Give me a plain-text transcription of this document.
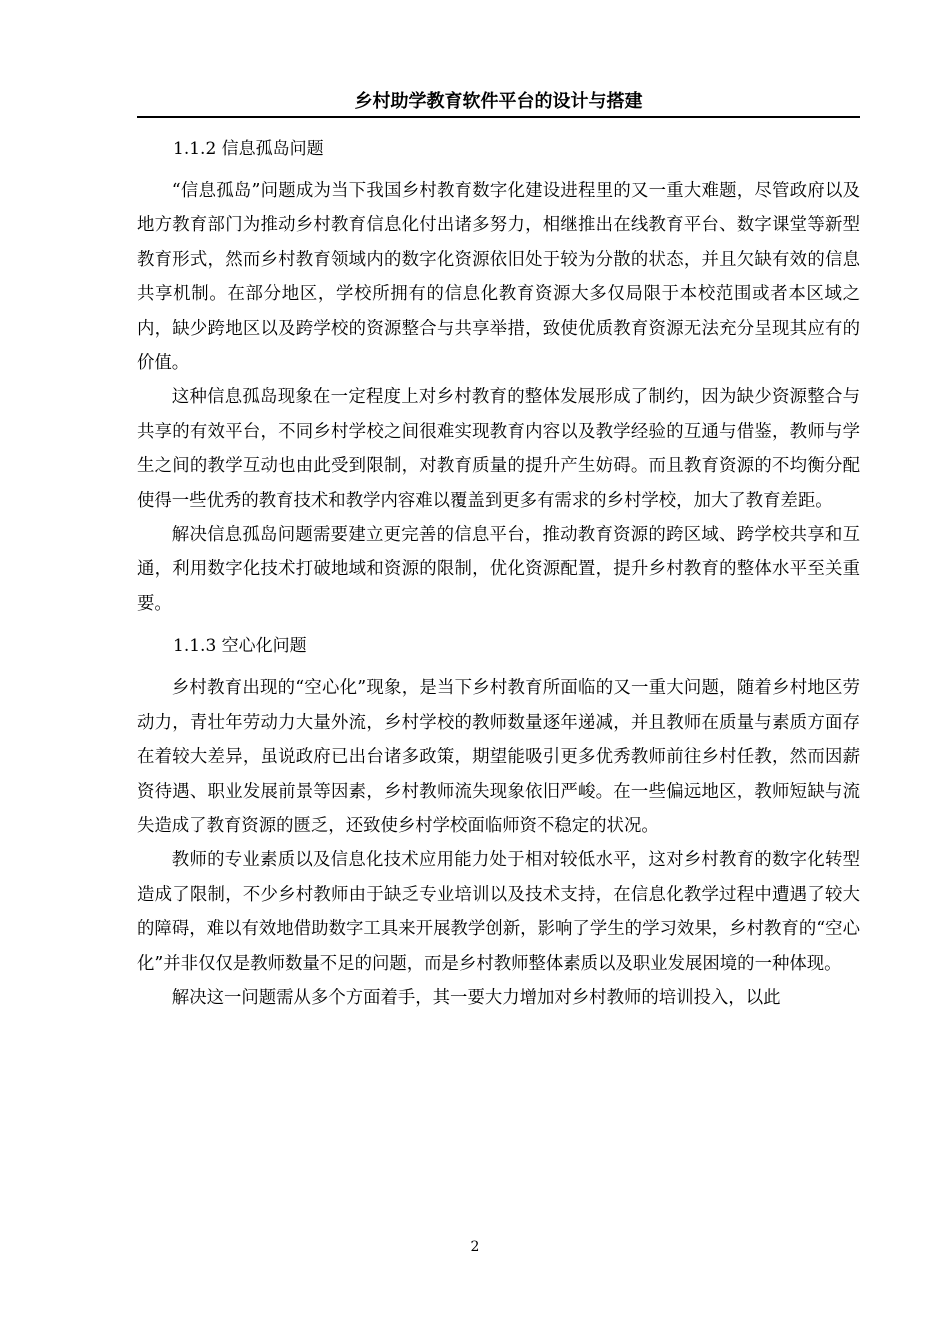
乡村助学教育软件平台的设计与搭建
1.1.2 信息孤岛问题

“信息孤岛”问题成为当下我国乡村教育数字化建设进程里的又一重大难题，尽管政府以及地方教育部门为推动乡村教育信息化付出诸多努力，相继推出在线教育平台、数字课堂等新型教育形式，然而乡村教育领域内的数字化资源依旧处于较为分散的状态，并且欠缺有效的信息共享机制。在部分地区，学校所拥有的信息化教育资源大多仅局限于本校范围或者本区域之内，缺少跨地区以及跨学校的资源整合与共享举措，致使优质教育资源无法充分呈现其应有的价值。

这种信息孤岛现象在一定程度上对乡村教育的整体发展形成了制约，因为缺少资源整合与共享的有效平台，不同乡村学校之间很难实现教育内容以及教学经验的互通与借鉴，教师与学生之间的教学互动也由此受到限制，对教育质量的提升产生妨碍。而且教育资源的不均衡分配使得一些优秀的教育技术和教学内容难以覆盖到更多有需求的乡村学校，加大了教育差距。

解决信息孤岛问题需要建立更完善的信息平台，推动教育资源的跨区域、跨学校共享和互通，利用数字化技术打破地域和资源的限制，优化资源配置，提升乡村教育的整体水平至关重要。

1.1.3 空心化问题

乡村教育出现的“空心化”现象，是当下乡村教育所面临的又一重大问题，随着乡村地区劳动力，青壮年劳动力大量外流，乡村学校的教师数量逐年递减，并且教师在质量与素质方面存在着较大差异，虽说政府已出台诸多政策，期望能吸引更多优秀教师前往乡村任教，然而因薪资待遇、职业发展前景等因素，乡村教师流失现象依旧严峻。在一些偏远地区，教师短缺与流失造成了教育资源的匮乏，还致使乡村学校面临师资不稳定的状况。

教师的专业素质以及信息化技术应用能力处于相对较低水平，这对乡村教育的数字化转型造成了限制，不少乡村教师由于缺乏专业培训以及技术支持，在信息化教学过程中遭遇了较大的障碍，难以有效地借助数字工具来开展教学创新，影响了学生的学习效果，乡村教育的“空心化”并非仅仅是教师数量不足的问题，而是乡村教师整体素质以及职业发展困境的一种体现。

解决这一问题需从多个方面着手，其一要大力增加对乡村教师的培训投入，以此

2
